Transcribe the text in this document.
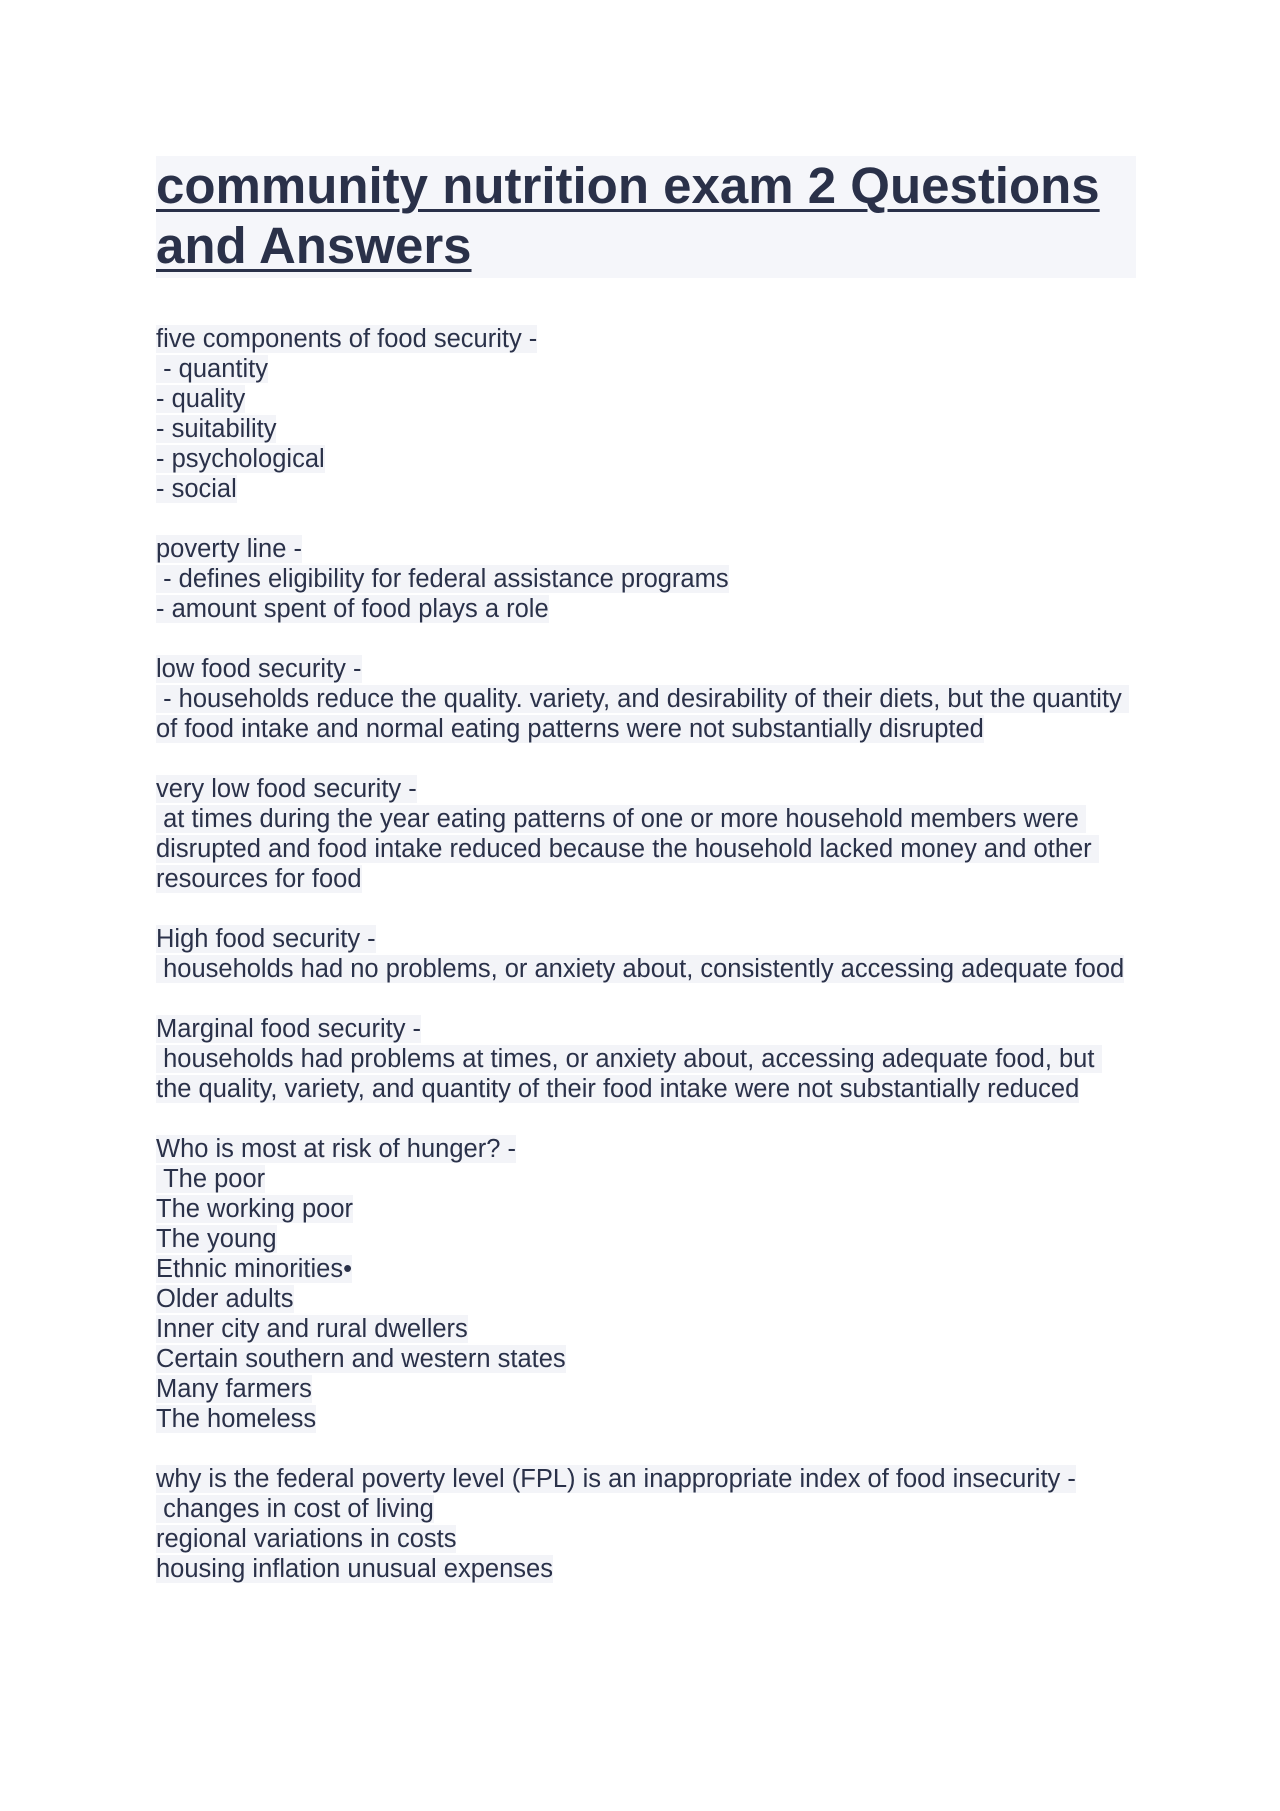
community nutrition exam 2 Questions and Answers
five components of food security -
- quantity
- quality
- suitability
- psychological
- social
poverty line -
- defines eligibility for federal assistance programs
- amount spent of food plays a role
low food security -
- households reduce the quality. variety, and desirability of their diets, but the quantity of food intake and normal eating patterns were not substantially disrupted
very low food security -
at times during the year eating patterns of one or more household members were disrupted and food intake reduced because the household lacked money and other resources for food
High food security -
households had no problems, or anxiety about, consistently accessing adequate food
Marginal food security -
households had problems at times, or anxiety about, accessing adequate food, but the quality, variety, and quantity of their food intake were not substantially reduced
Who is most at risk of hunger? -
The poor
The working poor
The young
Ethnic minorities•
Older adults
Inner city and rural dwellers
Certain southern and western states
Many farmers
The homeless
why is the federal poverty level (FPL) is an inappropriate index of food insecurity -
changes in cost of living
regional variations in costs
housing inflation unusual expenses
